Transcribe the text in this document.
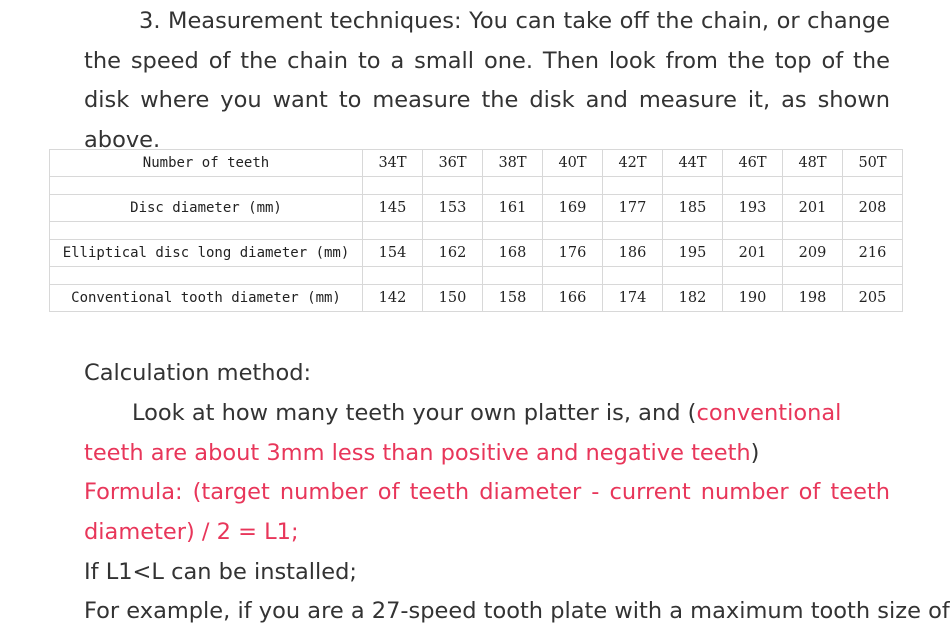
3. Measurement techniques: You can take off the chain, or change the speed of the chain to a small one. Then look from the top of the disk where you want to measure the disk and measure it, as shown above.

Number of teeth	34T	36T	38T	40T	42T	44T	46T	48T	50T

Disc diameter (mm)	145	153	161	169	177	185	193	201	208

Elliptical disc long diameter (mm)	154	162	168	176	186	195	201	209	216

Conventional tooth diameter (mm)	142	150	158	166	174	182	190	198	205

Calculation method:

Look at how many teeth your own platter is, and (conventional teeth are about 3mm less than positive and negative teeth)

Formula: (target number of teeth diameter - current number of teeth

diameter) / 2 = L1;

If L1<L can be installed;

For example, if you are a 27-speed tooth plate with a maximum tooth size of
